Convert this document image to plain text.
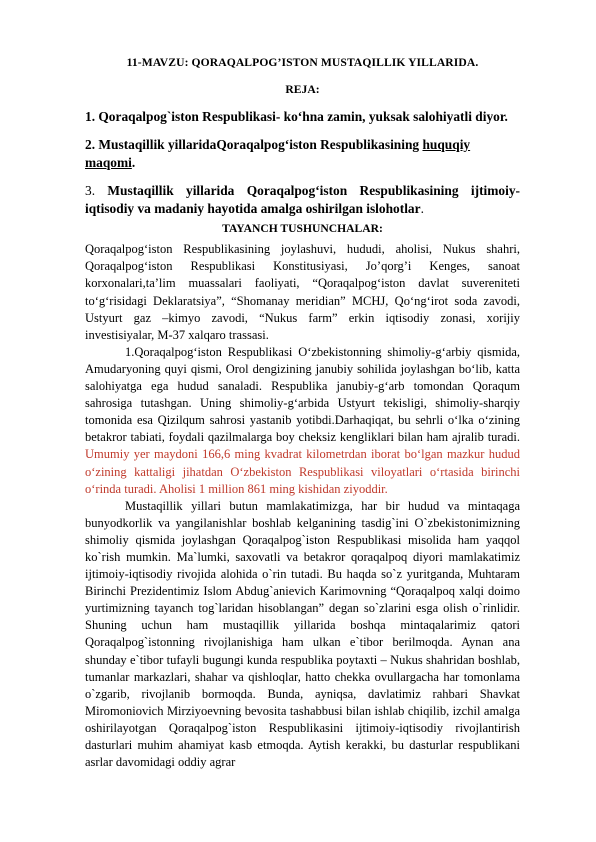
11-MAVZU: QORAQALPOG’ISTON MUSTAQILLIK YILLARIDA.
REJA:
1. Qoraqalpog`iston Respublikasi- ko‘hna zamin, yuksak salohiyatli diyor.
2. Mustaqillik yillaridaQoraqalpog‘iston Respublikasining huquqiy maqomi.
3. Mustaqillik yillarida Qoraqalpog‘iston Respublikasining ijtimoiy-iqtisodiy va madaniy hayotida amalga oshirilgan islohotlar.
TAYANCH TUSHUNCHALAR:

Qoraqalpog‘iston Respublikasining joylashuvi, hududi, aholisi, Nukus shahri, Qoraqalpog‘iston Respublikasi Konstitusiyasi, Jo’qorg’i Kenges, sanoat korxonalari,ta’lim muassalari faoliyati, “Qoraqalpog‘iston davlat suvereniteti to‘g‘risidagi Deklaratsiya”, “Shomanay meridian” MCHJ, Qo‘ng‘irot soda zavodi, Ustyurt gaz –kimyo zavodi, “Nukus farm” erkin iqtisodiy zonasi, xorijiy investisiyalar, M-37 xalqaro trassasi.

1.Qoraqalpog‘iston Respublikasi O‘zbekistonning shimoliy-g‘arbiy qismida, Amudaryoning quyi qismi, Orol dengizining janubiy sohilida joylashgan bo‘lib, katta salohiyatga ega hudud sanaladi. Respublika janubiy-g‘arb tomondan Qoraqum sahrosiga tutashgan. Uning shimoliy-g‘arbida Ustyurt tekisligi, shimoliy-sharqiy tomonida esa Qizilqum sahrosi yastanib yotibdi.Darhaqiqat, bu sehrli o‘lka o‘zining betakror tabiati, foydali qazilmalarga boy cheksiz kengliklari bilan ham ajralib turadi. Umumiy yer maydoni 166,6 ming kvadrat kilometrdan iborat bo‘lgan mazkur hudud o‘zining kattaligi jihatdan O‘zbekiston Respublikasi viloyatlari o‘rtasida birinchi o‘rinda turadi. Aholisi 1 million 861 ming kishidan ziyoddir.

Mustaqillik yillari butun mamlakatimizga, har bir hudud va mintaqaga bunyodkorlik va yangilanishlar boshlab kelganining tasdig`ini O`zbekistonimizning shimoliy qismida joylashgan Qoraqalpog`iston Respublikasi misolida ham yaqqol ko`rish mumkin. Ma`lumki, saxovatli va betakror qoraqalpoq diyori mamlakatimiz ijtimoiy-iqtisodiy rivojida alohida o`rin tutadi. Bu haqda so`z yuritganda, Muhtaram Birinchi Prezidentimiz Islom Abdug`anievich Karimovning “Qoraqalpoq xalqi doimo yurtimizning tayanch tog`laridan hisoblangan” degan so`zlarini esga olish o`rinlidir. Shuning uchun ham mustaqillik yillarida boshqa mintaqalarimiz qatori Qoraqalpog`istonning rivojlanishiga ham ulkan e`tibor berilmoqda. Aynan ana shunday e`tibor tufayli bugungi kunda respublika poytaxti – Nukus shahridan boshlab, tumanlar markazlari, shahar va qishloqlar, hatto chekka ovullargacha har tomonlama o`zgarib, rivojlanib bormoqda. Bunda, ayniqsa, davlatimiz rahbari Shavkat Miromoniovich Mirziyoevning bevosita tashabbusi bilan ishlab chiqilib, izchil amalga oshirilayotgan Qoraqalpog`iston Respublikasini ijtimoiy-iqtisodiy rivojlantirish dasturlari muhim ahamiyat kasb etmoqda. Aytish kerakki, bu dasturlar respublikani asrlar davomidagi oddiy agrar
